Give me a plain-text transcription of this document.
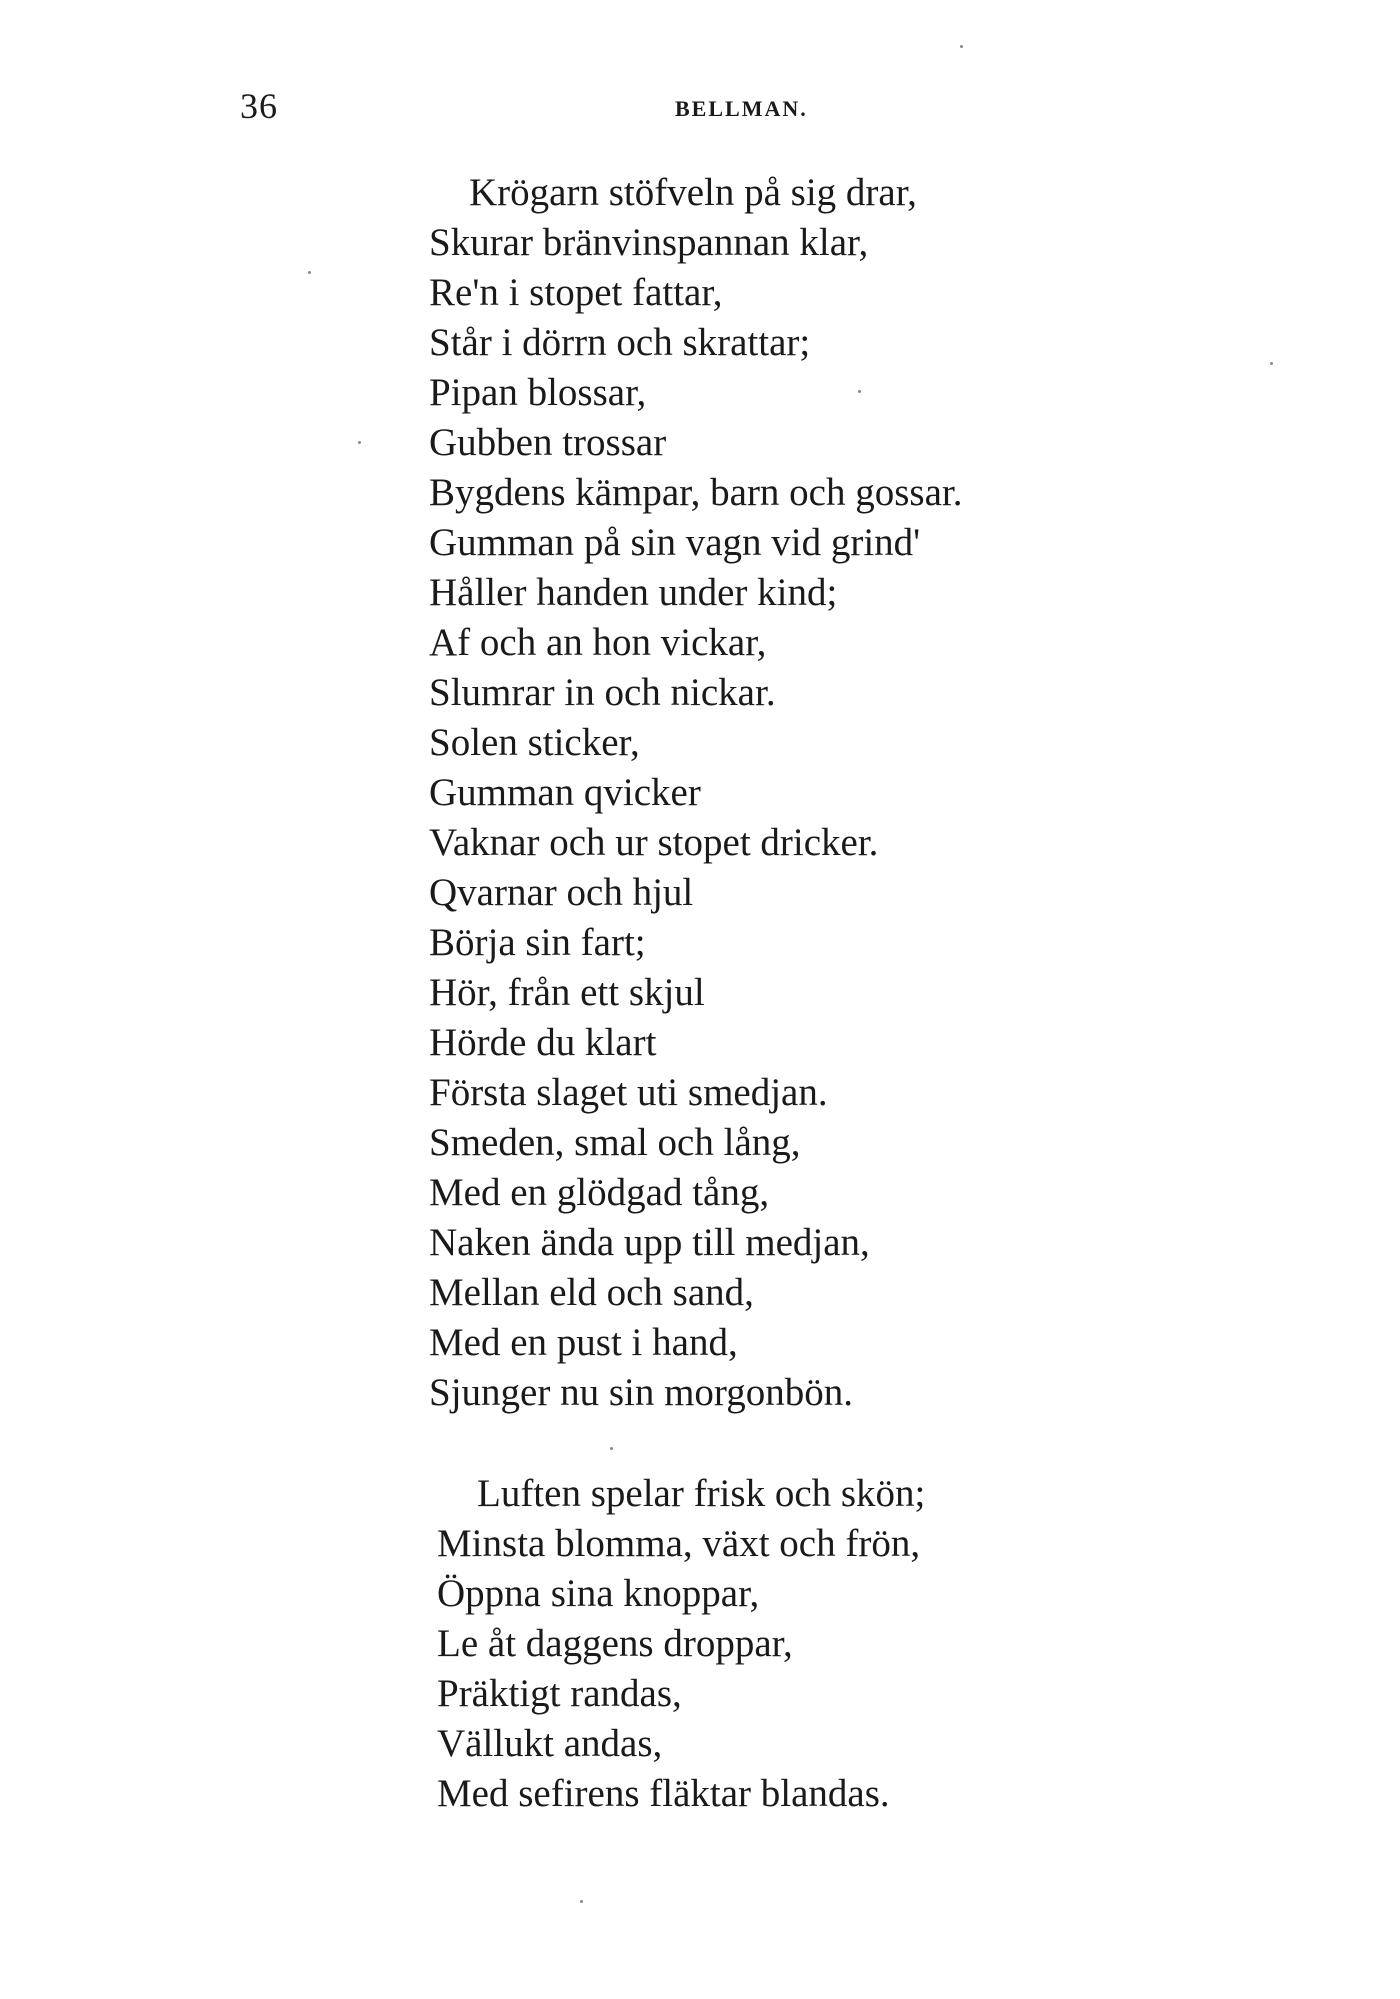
36	BELLMAN.
Krögarn stöfveln på sig drar,
Skurar bränvinspannan klar,
Re'n i stopet fattar,
Står i dörrn och skrattar;
Pipan blossar,
Gubben trossar
Bygdens kämpar, barn och gossar.
Gumman på sin vagn vid grind'
Håller handen under kind;
Af och an hon vickar,
Slumrar in och nickar.
Solen sticker,
Gumman qvicker
Vaknar och ur stopet dricker.
Qvarnar och hjul
Börja sin fart;
Hör, från ett skjul
Hörde du klart
Första slaget uti smedjan.
Smeden, smal och lång,
Med en glödgad tång,
Naken ända upp till medjan,
Mellan eld och sand,
Med en pust i hand,
Sjunger nu sin morgonbön.
Luften spelar frisk och skön;
Minsta blomma, växt och frön,
Öppna sina knoppar,
Le åt daggens droppar,
Präktigt randas,
Vällukt andas,
Med sefirens fläktar blandas.
